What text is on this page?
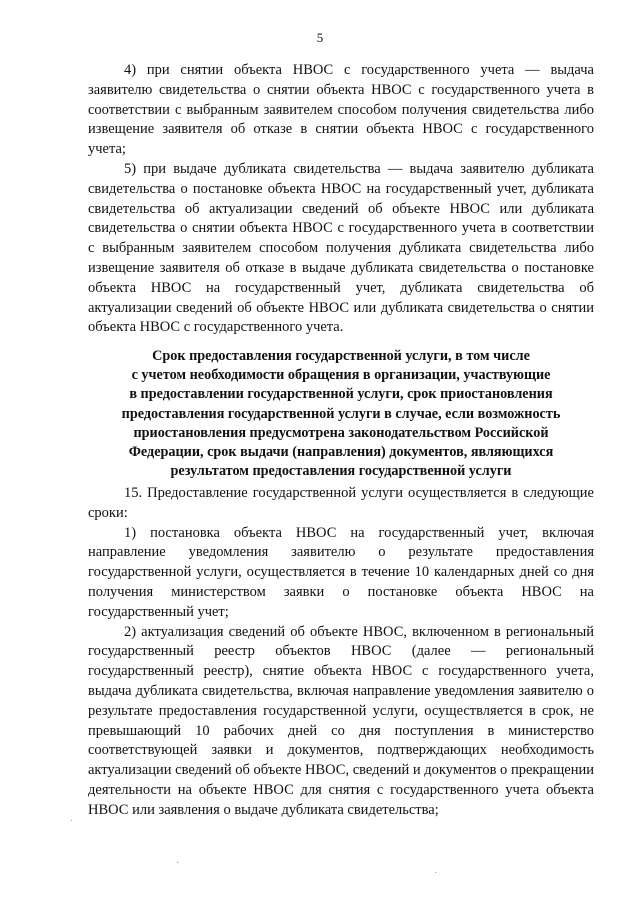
5

4) при снятии объекта НВОС с государственного учета — выдача заявителю свидетельства о снятии объекта НВОС с государственного учета в соответствии с выбранным заявителем способом получения свидетельства либо извещение заявителя об отказе в снятии объекта НВОС с государственного учета;

5) при выдаче дубликата свидетельства — выдача заявителю дубликата свидетельства о постановке объекта НВОС на государственный учет, дубликата свидетельства об актуализации сведений об объекте НВОС или дубликата свидетельства о снятии объекта НВОС с государственного учета в соответствии с выбранным заявителем способом получения дубликата свидетельства либо извещение заявителя об отказе в выдаче дубликата свидетельства о постановке объекта НВОС на государственный учет, дубликата свидетельства об актуализации сведений об объекте НВОС или дубликата свидетельства о снятии объекта НВОС с государственного учета.

Срок предоставления государственной услуги, в том числе
с учетом необходимости обращения в организации, участвующие
в предоставлении государственной услуги, срок приостановления
предоставления государственной услуги в случае, если возможность
приостановления предусмотрена законодательством Российской
Федерации, срок выдачи (направления) документов, являющихся
результатом предоставления государственной услуги

15. Предоставление государственной услуги осуществляется в следующие сроки:

1) постановка объекта НВОС на государственный учет, включая направление уведомления заявителю о результате предоставления государственной услуги, осуществляется в течение 10 календарных дней со дня получения министерством заявки о постановке объекта НВОС на государственный учет;

2) актуализация сведений об объекте НВОС, включенном в региональный государственный реестр объектов НВОС (далее — региональный государственный реестр), снятие объекта НВОС с государственного учета, выдача дубликата свидетельства, включая направление уведомления заявителю о результате предоставления государственной услуги, осуществляется в срок, не превышающий 10 рабочих дней со дня поступления в министерство соответствующей заявки и документов, подтверждающих необходимость актуализации сведений об объекте НВОС, сведений и документов о прекращении деятельности на объекте НВОС для снятия с государственного учета объекта НВОС или заявления о выдаче дубликата свидетельства;

·
·
·
